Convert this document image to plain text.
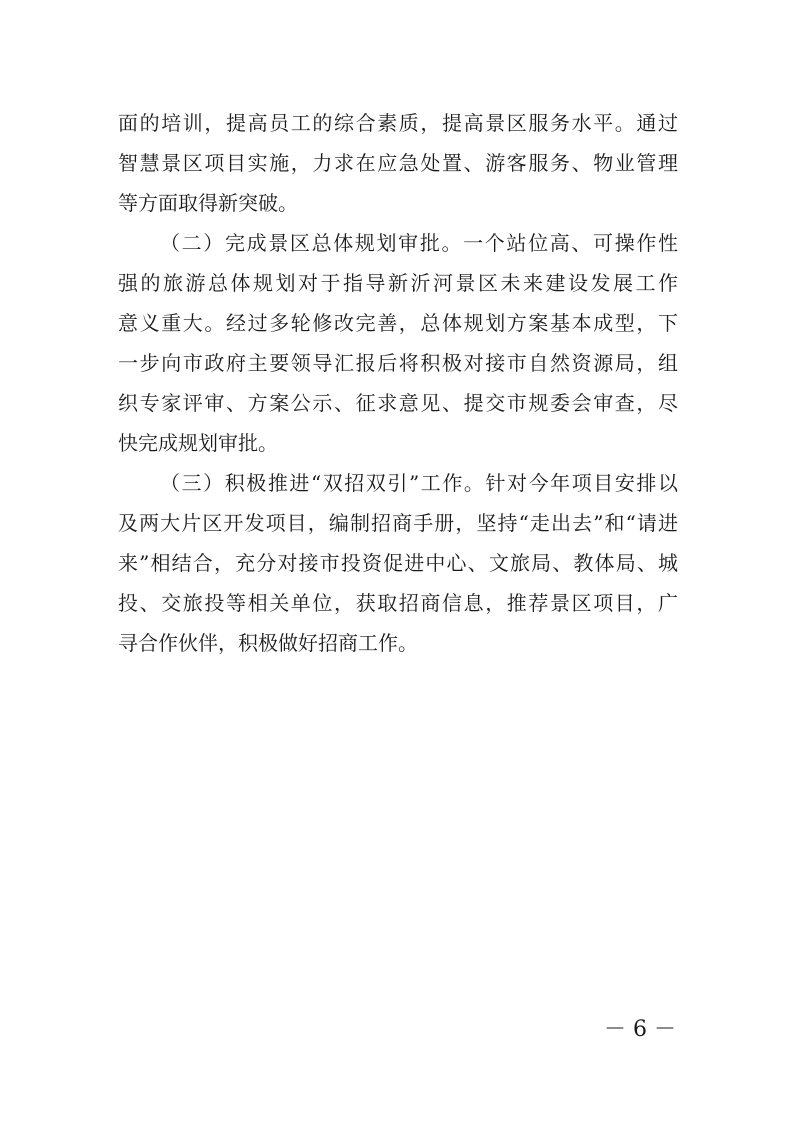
面的培训，提高员工的综合素质，提高景区服务水平。通过
智慧景区项目实施，力求在应急处置、游客服务、物业管理
等方面取得新突破。
（二）完成景区总体规划审批。一个站位高、可操作性
强的旅游总体规划对于指导新沂河景区未来建设发展工作
意义重大。经过多轮修改完善，总体规划方案基本成型，下
一步向市政府主要领导汇报后将积极对接市自然资源局，组
织专家评审、方案公示、征求意见、提交市规委会审查，尽
快完成规划审批。
（三）积极推进“双招双引”工作。针对今年项目安排以
及两大片区开发项目，编制招商手册，坚持“走出去”和“请进
来”相结合，充分对接市投资促进中心、文旅局、教体局、城
投、交旅投等相关单位，获取招商信息，推荐景区项目，广
寻合作伙伴，积极做好招商工作。
－ 6 －
